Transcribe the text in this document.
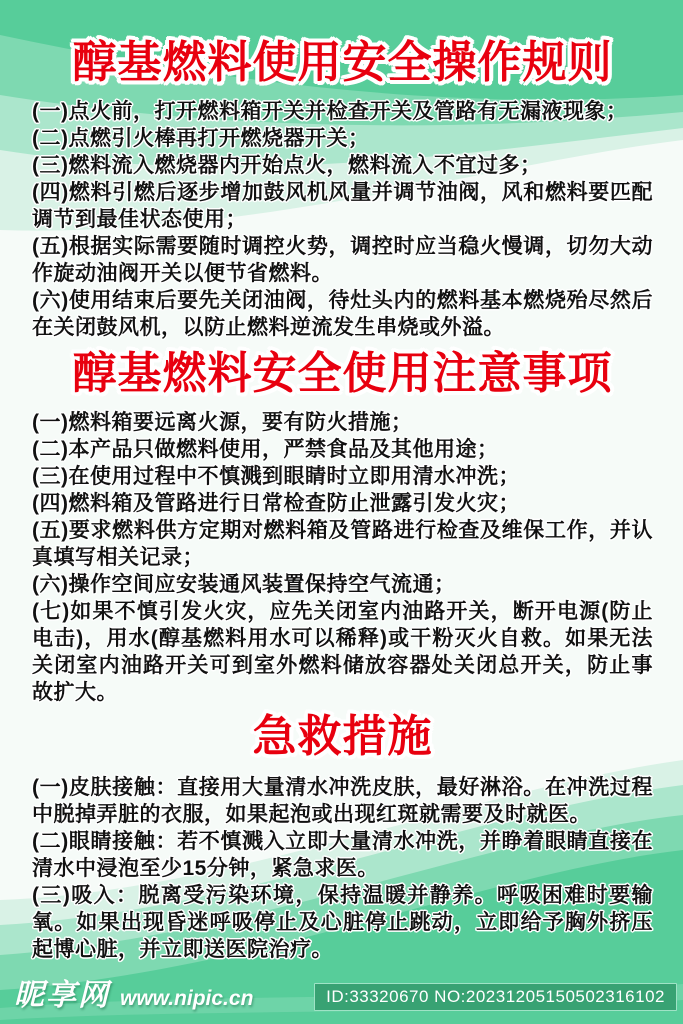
醇基燃料使用安全操作规则

(一)点火前，打开燃料箱开关并检查开关及管路有无漏液现象；

(二)点燃引火棒再打开燃烧器开关；

(三)燃料流入燃烧器内开始点火，燃料流入不宜过多；

(四)燃料引燃后逐步增加鼓风机风量并调节油阀，风和燃料要匹配调节到最佳状态使用；

(五)根据实际需要随时调控火势，调控时应当稳火慢调，切勿大动作旋动油阀开关以便节省燃料。

(六)使用结束后要先关闭油阀，待灶头内的燃料基本燃烧殆尽然后在关闭鼓风机，以防止燃料逆流发生串烧或外溢。

醇基燃料安全使用注意事项

(一)燃料箱要远离火源，要有防火措施；

(二)本产品只做燃料使用，严禁食品及其他用途；

(三)在使用过程中不慎溅到眼睛时立即用清水冲洗；

(四)燃料箱及管路进行日常检查防止泄露引发火灾；

(五)要求燃料供方定期对燃料箱及管路进行检查及维保工作，并认真填写相关记录；

(六)操作空间应安装通风装置保持空气流通；

(七)如果不慎引发火灾，应先关闭室内油路开关，断开电源(防止电击)，用水(醇基燃料用水可以稀释)或干粉灭火自救。如果无法关闭室内油路开关可到室外燃料储放容器处关闭总开关，防止事故扩大。

急救措施

(一)皮肤接触：直接用大量清水冲洗皮肤，最好淋浴。在冲洗过程中脱掉弄脏的衣服，如果起泡或出现红斑就需要及时就医。

(二)眼睛接触：若不慎溅入立即大量清水冲洗，并睁着眼睛直接在清水中浸泡至少15分钟，紧急求医。

(三)吸入：脱离受污染环境，保持温暖并静养。呼吸困难时要输氧。如果出现昏迷呼吸停止及心脏停止跳动，立即给予胸外挤压起博心脏，并立即送医院治疗。

昵享网 www.nipic.cn	ID:33320670 NO:20231205150502316102
